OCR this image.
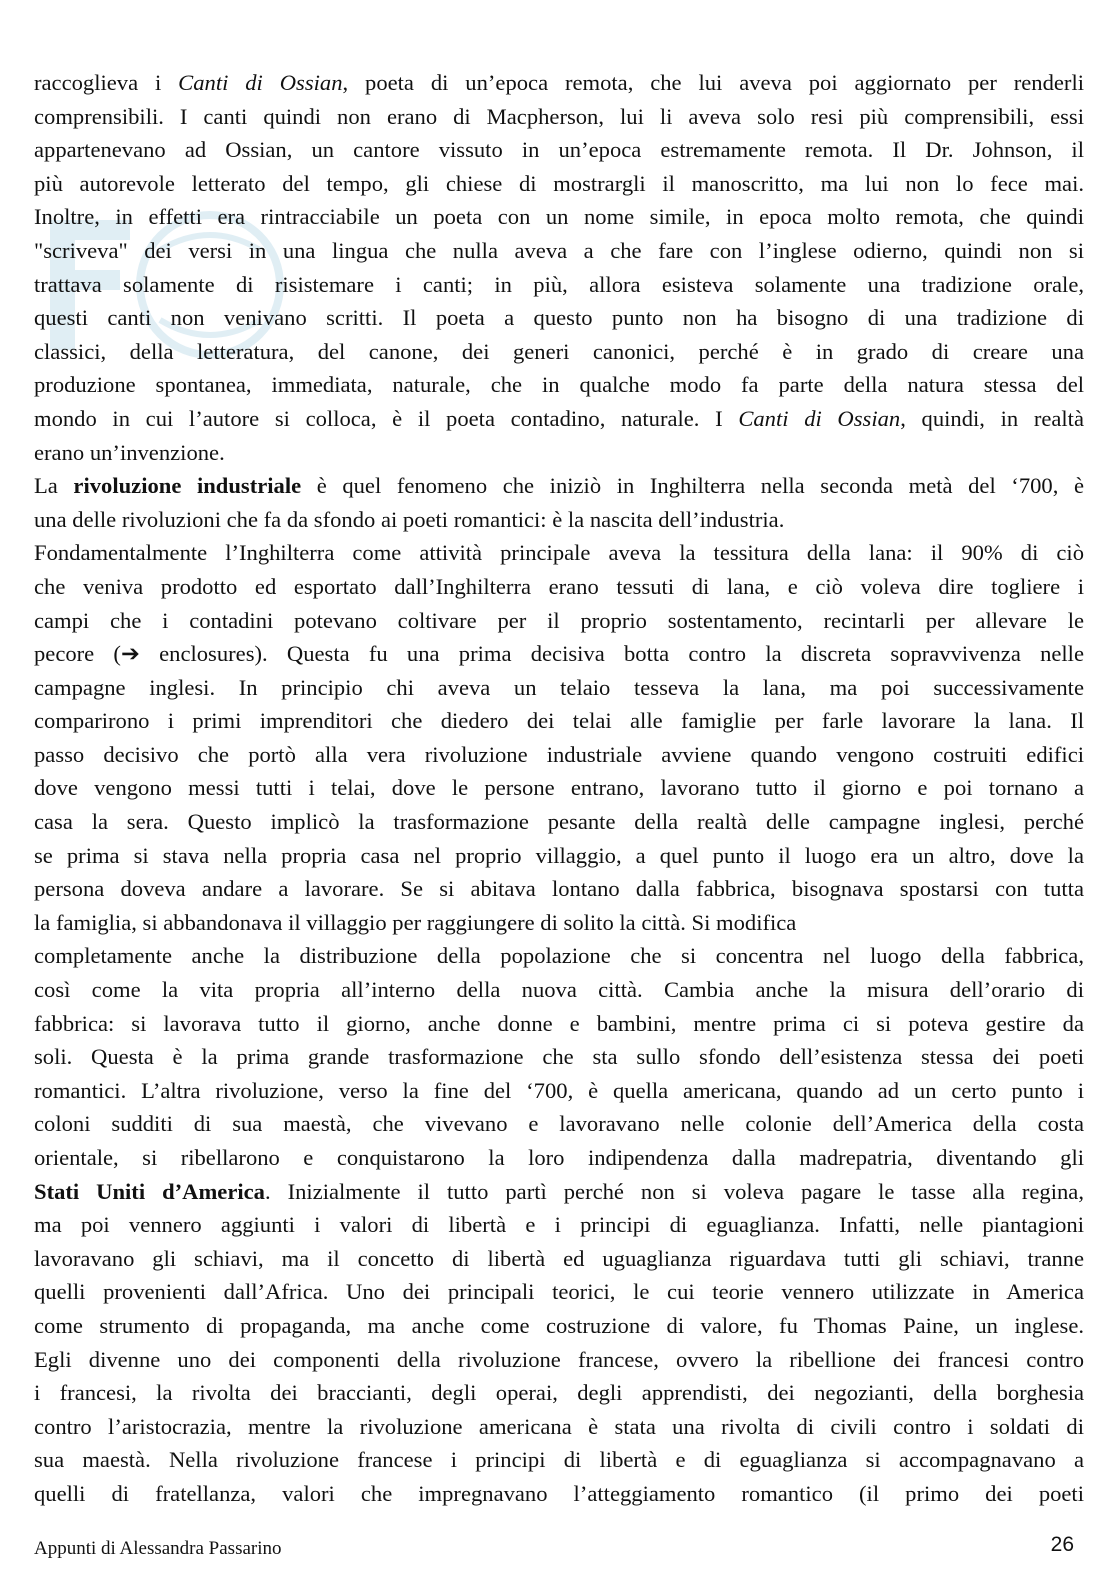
raccoglieva i Canti di Ossian, poeta di un’epoca remota, che lui aveva poi aggiornato per renderli
comprensibili. I canti quindi non erano di Macpherson, lui li aveva solo resi più comprensibili, essi
appartenevano ad Ossian, un cantore vissuto in un’epoca estremamente remota. Il Dr. Johnson, il
più autorevole letterato del tempo, gli chiese di mostrargli il manoscritto, ma lui non lo fece mai.
Inoltre, in effetti era rintracciabile un poeta con un nome simile, in epoca molto remota, che quindi
"scriveva" dei versi in una lingua che nulla aveva a che fare con l’inglese odierno, quindi non si
trattava solamente di risistemare i canti; in più, allora esisteva solamente una tradizione orale,
questi canti non venivano scritti. Il poeta a questo punto non ha bisogno di una tradizione di
classici, della letteratura, del canone, dei generi canonici, perché è in grado di creare una
produzione spontanea, immediata, naturale, che in qualche modo fa parte della natura stessa del
mondo in cui l’autore si colloca, è il poeta contadino, naturale. I Canti di Ossian, quindi, in realtà
erano un’invenzione.
La rivoluzione industriale è quel fenomeno che iniziò in Inghilterra nella seconda metà del ‘700, è
una delle rivoluzioni che fa da sfondo ai poeti romantici: è la nascita dell’industria.
Fondamentalmente l’Inghilterra come attività principale aveva la tessitura della lana: il 90% di ciò
che veniva prodotto ed esportato dall’Inghilterra erano tessuti di lana, e ciò voleva dire togliere i
campi che i contadini potevano coltivare per il proprio sostentamento, recintarli per allevare le
pecore (➔ enclosures). Questa fu una prima decisiva botta contro la discreta sopravvivenza nelle
campagne inglesi. In principio chi aveva un telaio tesseva la lana, ma poi successivamente
comparirono i primi imprenditori che diedero dei telai alle famiglie per farle lavorare la lana. Il
passo decisivo che portò alla vera rivoluzione industriale avviene quando vengono costruiti edifici
dove vengono messi tutti i telai, dove le persone entrano, lavorano tutto il giorno e poi tornano a
casa la sera. Questo implicò la trasformazione pesante della realtà delle campagne inglesi, perché
se prima si stava nella propria casa nel proprio villaggio, a quel punto il luogo era un altro, dove la
persona doveva andare a lavorare. Se si abitava lontano dalla fabbrica, bisognava spostarsi con tutta
la famiglia, si abbandonava il villaggio per raggiungere di solito la città. Si modifica
completamente anche la distribuzione della popolazione che si concentra nel luogo della fabbrica,
così come la vita propria all’interno della nuova città. Cambia anche la misura dell’orario di
fabbrica: si lavorava tutto il giorno, anche donne e bambini, mentre prima ci si poteva gestire da
soli. Questa è la prima grande trasformazione che sta sullo sfondo dell’esistenza stessa dei poeti
romantici. L’altra rivoluzione, verso la fine del ‘700, è quella americana, quando ad un certo punto i
coloni sudditi di sua maestà, che vivevano e lavoravano nelle colonie dell’America della costa
orientale, si ribellarono e conquistarono la loro indipendenza dalla madrepatria, diventando gli
Stati Uniti d’America. Inizialmente il tutto partì perché non si voleva pagare le tasse alla regina,
ma poi vennero aggiunti i valori di libertà e i principi di eguaglianza. Infatti, nelle piantagioni
lavoravano gli schiavi, ma il concetto di libertà ed uguaglianza riguardava tutti gli schiavi, tranne
quelli provenienti dall’Africa. Uno dei principali teorici, le cui teorie vennero utilizzate in America
come strumento di propaganda, ma anche come costruzione di valore, fu Thomas Paine, un inglese.
Egli divenne uno dei componenti della rivoluzione francese, ovvero la ribellione dei francesi contro
i francesi, la rivolta dei braccianti, degli operai, degli apprendisti, dei negozianti, della borghesia
contro l’aristocrazia, mentre la rivoluzione americana è stata una rivolta di civili contro i soldati di
sua maestà. Nella rivoluzione francese i principi di libertà e di eguaglianza si accompagnavano a
quelli di fratellanza, valori che impregnavano l’atteggiamento romantico (il primo dei poeti
Appunti di Alessandra Passarino	26
